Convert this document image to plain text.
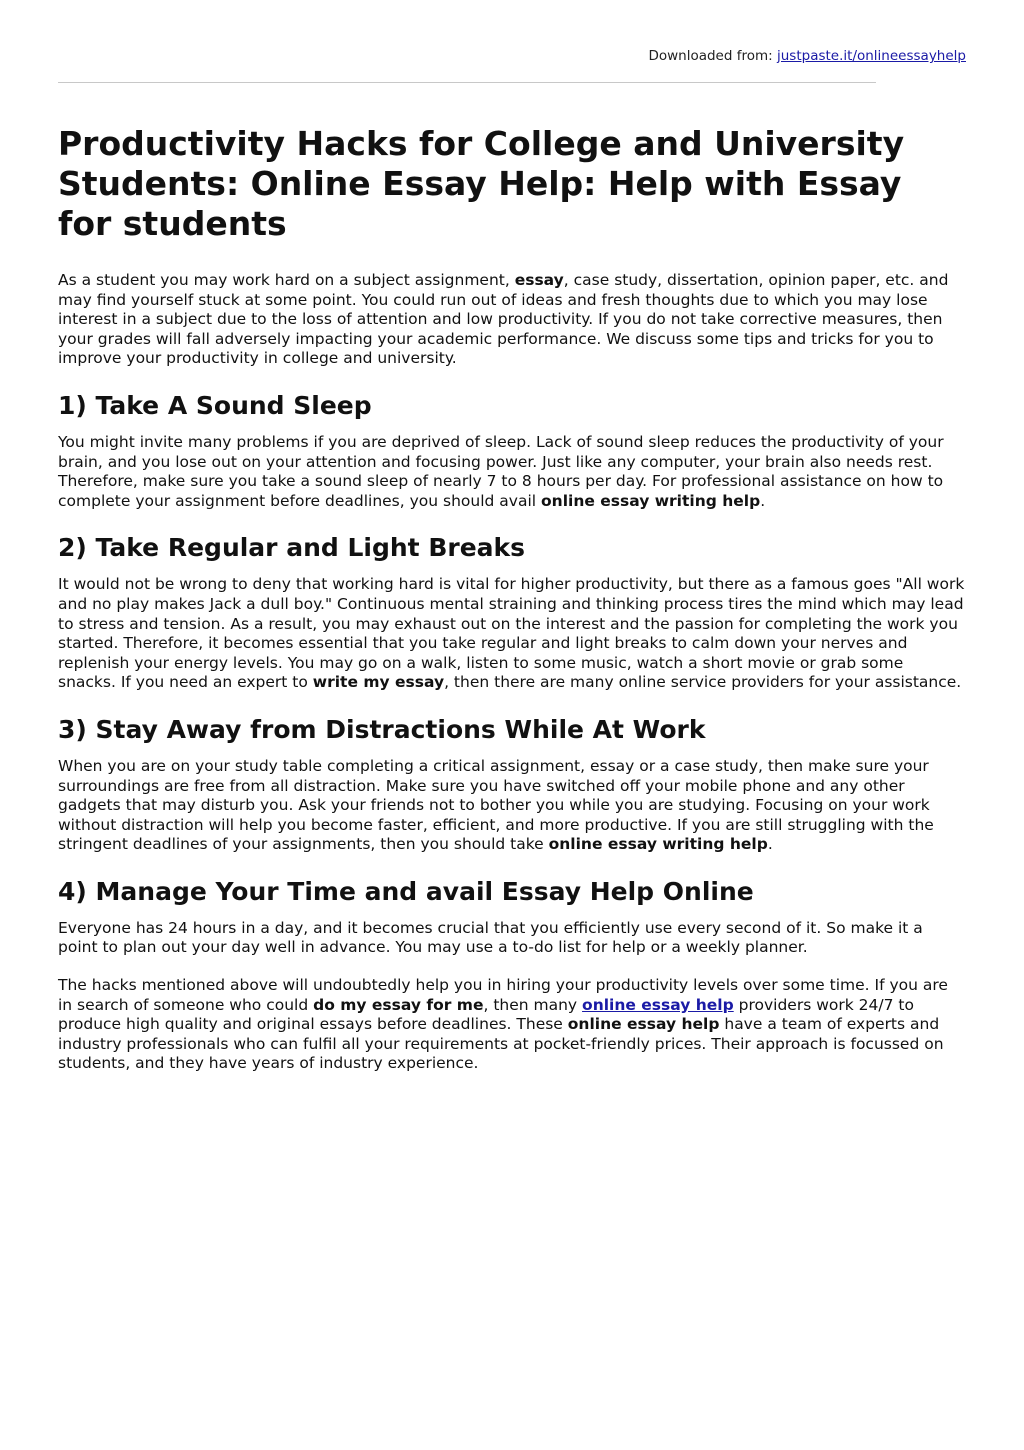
Downloaded from: justpaste.it/onlineessayhelp
Productivity Hacks for College and University Students: Online Essay Help: Help with Essay for students

As a student you may work hard on a subject assignment, essay, case study, dissertation, opinion paper, etc. and may find yourself stuck at some point. You could run out of ideas and fresh thoughts due to which you may lose interest in a subject due to the loss of attention and low productivity. If you do not take corrective measures, then your grades will fall adversely impacting your academic performance. We discuss some tips and tricks for you to improve your productivity in college and university.

1) Take A Sound Sleep

You might invite many problems if you are deprived of sleep. Lack of sound sleep reduces the productivity of your brain, and you lose out on your attention and focusing power. Just like any computer, your brain also needs rest. Therefore, make sure you take a sound sleep of nearly 7 to 8 hours per day. For professional assistance on how to complete your assignment before deadlines, you should avail online essay writing help.

2) Take Regular and Light Breaks

It would not be wrong to deny that working hard is vital for higher productivity, but there as a famous goes "All work and no play makes Jack a dull boy." Continuous mental straining and thinking process tires the mind which may lead to stress and tension. As a result, you may exhaust out on the interest and the passion for completing the work you started. Therefore, it becomes essential that you take regular and light breaks to calm down your nerves and replenish your energy levels. You may go on a walk, listen to some music, watch a short movie or grab some snacks. If you need an expert to write my essay, then there are many online service providers for your assistance.

3) Stay Away from Distractions While At Work

When you are on your study table completing a critical assignment, essay or a case study, then make sure your surroundings are free from all distraction. Make sure you have switched off your mobile phone and any other gadgets that may disturb you. Ask your friends not to bother you while you are studying. Focusing on your work without distraction will help you become faster, efficient, and more productive. If you are still struggling with the stringent deadlines of your assignments, then you should take online essay writing help.

4) Manage Your Time and avail Essay Help Online

Everyone has 24 hours in a day, and it becomes crucial that you efficiently use every second of it. So make it a point to plan out your day well in advance. You may use a to-do list for help or a weekly planner.

The hacks mentioned above will undoubtedly help you in hiring your productivity levels over some time. If you are in search of someone who could do my essay for me, then many online essay help providers work 24/7 to produce high quality and original essays before deadlines. These online essay help have a team of experts and industry professionals who can fulfil all your requirements at pocket-friendly prices. Their approach is focussed on students, and they have years of industry experience.
